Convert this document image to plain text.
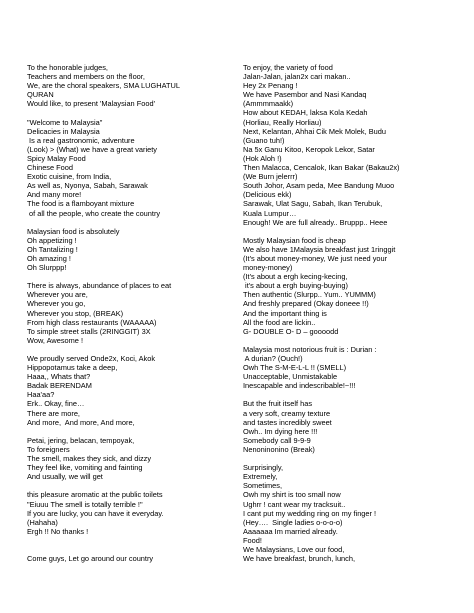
To the honorable judges,
Teachers and members on the floor,
We, are the choral speakers, SMA LUGHATUL
QURAN
Would like, to present 'Malaysian Food'
"Welcome to Malaysia"
Delicacies in Malaysia
Is a real gastronomic, adventure
(Look) > (What) we have a great variety
Spicy Malay Food
Chinese Food
Exotic cuisine, from India,
As well as, Nyonya, Sabah, Sarawak
And many more!
The food is a flamboyant mixture
of all the people, who create the country
Malaysian food is absolutely
Oh appetizing !
Oh Tantalizing !
Oh amazing !
Oh Slurppp!
There is always, abundance of places to eat
Wherever you are,
Wherever you go,
Wherever you stop, (BREAK)
From high class restaurants (WAAAAA)
To simple street stalls (2RINGGIT) 3X
Wow, Awesome !
We proudly served Onde2x, Koci, Akok
Hippopotamus take a deep,
Haaa,, Whats that?
Badak BERENDAM
Haa'aa?
Erk.. Okay, fine…
There are more,
And more,  And more, And more,
Petai, jering, belacan, tempoyak,
To foreigners
The smell, makes they sick, and dizzy
They feel like, vomiting and fainting
And usually, we will get
this pleasure aromatic at the public toilets
"Eiuuu The smell is totally terrible !"
If you are lucky, you can have it everyday.
(Hahaha)
Ergh !! No thanks !
Come guys, Let go around our country
To enjoy, the variety of food
Jalan-Jalan, jalan2x cari makan..
Hey 2x Penang !
We have Pasembor and Nasi Kandaq
(Ammmmaakk)
How about KEDAH, laksa Kola Kedah
(Horliau, Really Horliau)
Next, Kelantan, Ahhai Cik Mek Molek, Budu
(Guano tuh!)
Na 5x Ganu Kitoo, Keropok Lekor, Satar
(Hok Aloh !)
Then Malacca, Cencalok, Ikan Bakar (Bakau2x)
(We Burn jelerrr)
South Johor, Asam peda, Mee Bandung Muoo
(Delicious ekk)
Sarawak, Ulat Sagu, Sabah, Ikan Terubuk,
Kuala Lumpur…
Enough! We are full already.. Bruppp.. Heee
Mostly Malaysian food is cheap
We also have 1Malaysia breakfast just 1ringgit
(It's about money-money, We just need your
money-money)
(It's about a ergh kecing-kecing,
it's about a ergh buying-buying)
Then authentic (Slurpp.. Yum.. YUMMM)
And freshly prepared (Okay doneee !!)
And the important thing is
All the food are lickin..
G- DOUBLE O- D – goooodd
Malaysia most notorious fruit is : Durian :
A durian? (Ouch!)
Owh The S-M-E-L-L !! (SMELL)
Unacceptable, Unmistakable
Inescapable and indescribable!~!!!
But the fruit itself has
a very soft, creamy texture
and tastes incredibly sweet
Owh.. Im dying here !!!
Somebody call 9-9-9
Nenoninonino (Break)
Surprisingly,
Extremely,
Sometimes,
Owh my shirt is too small now
Ughrr ! cant wear my tracksuit..
I cant put my wedding ring on my finger !
(Hey….  Single ladies o-o-o-o)
Aaaaaaa Im married already.
Food!
We Malaysians, Love our food,
We have breakfast, brunch, lunch,
